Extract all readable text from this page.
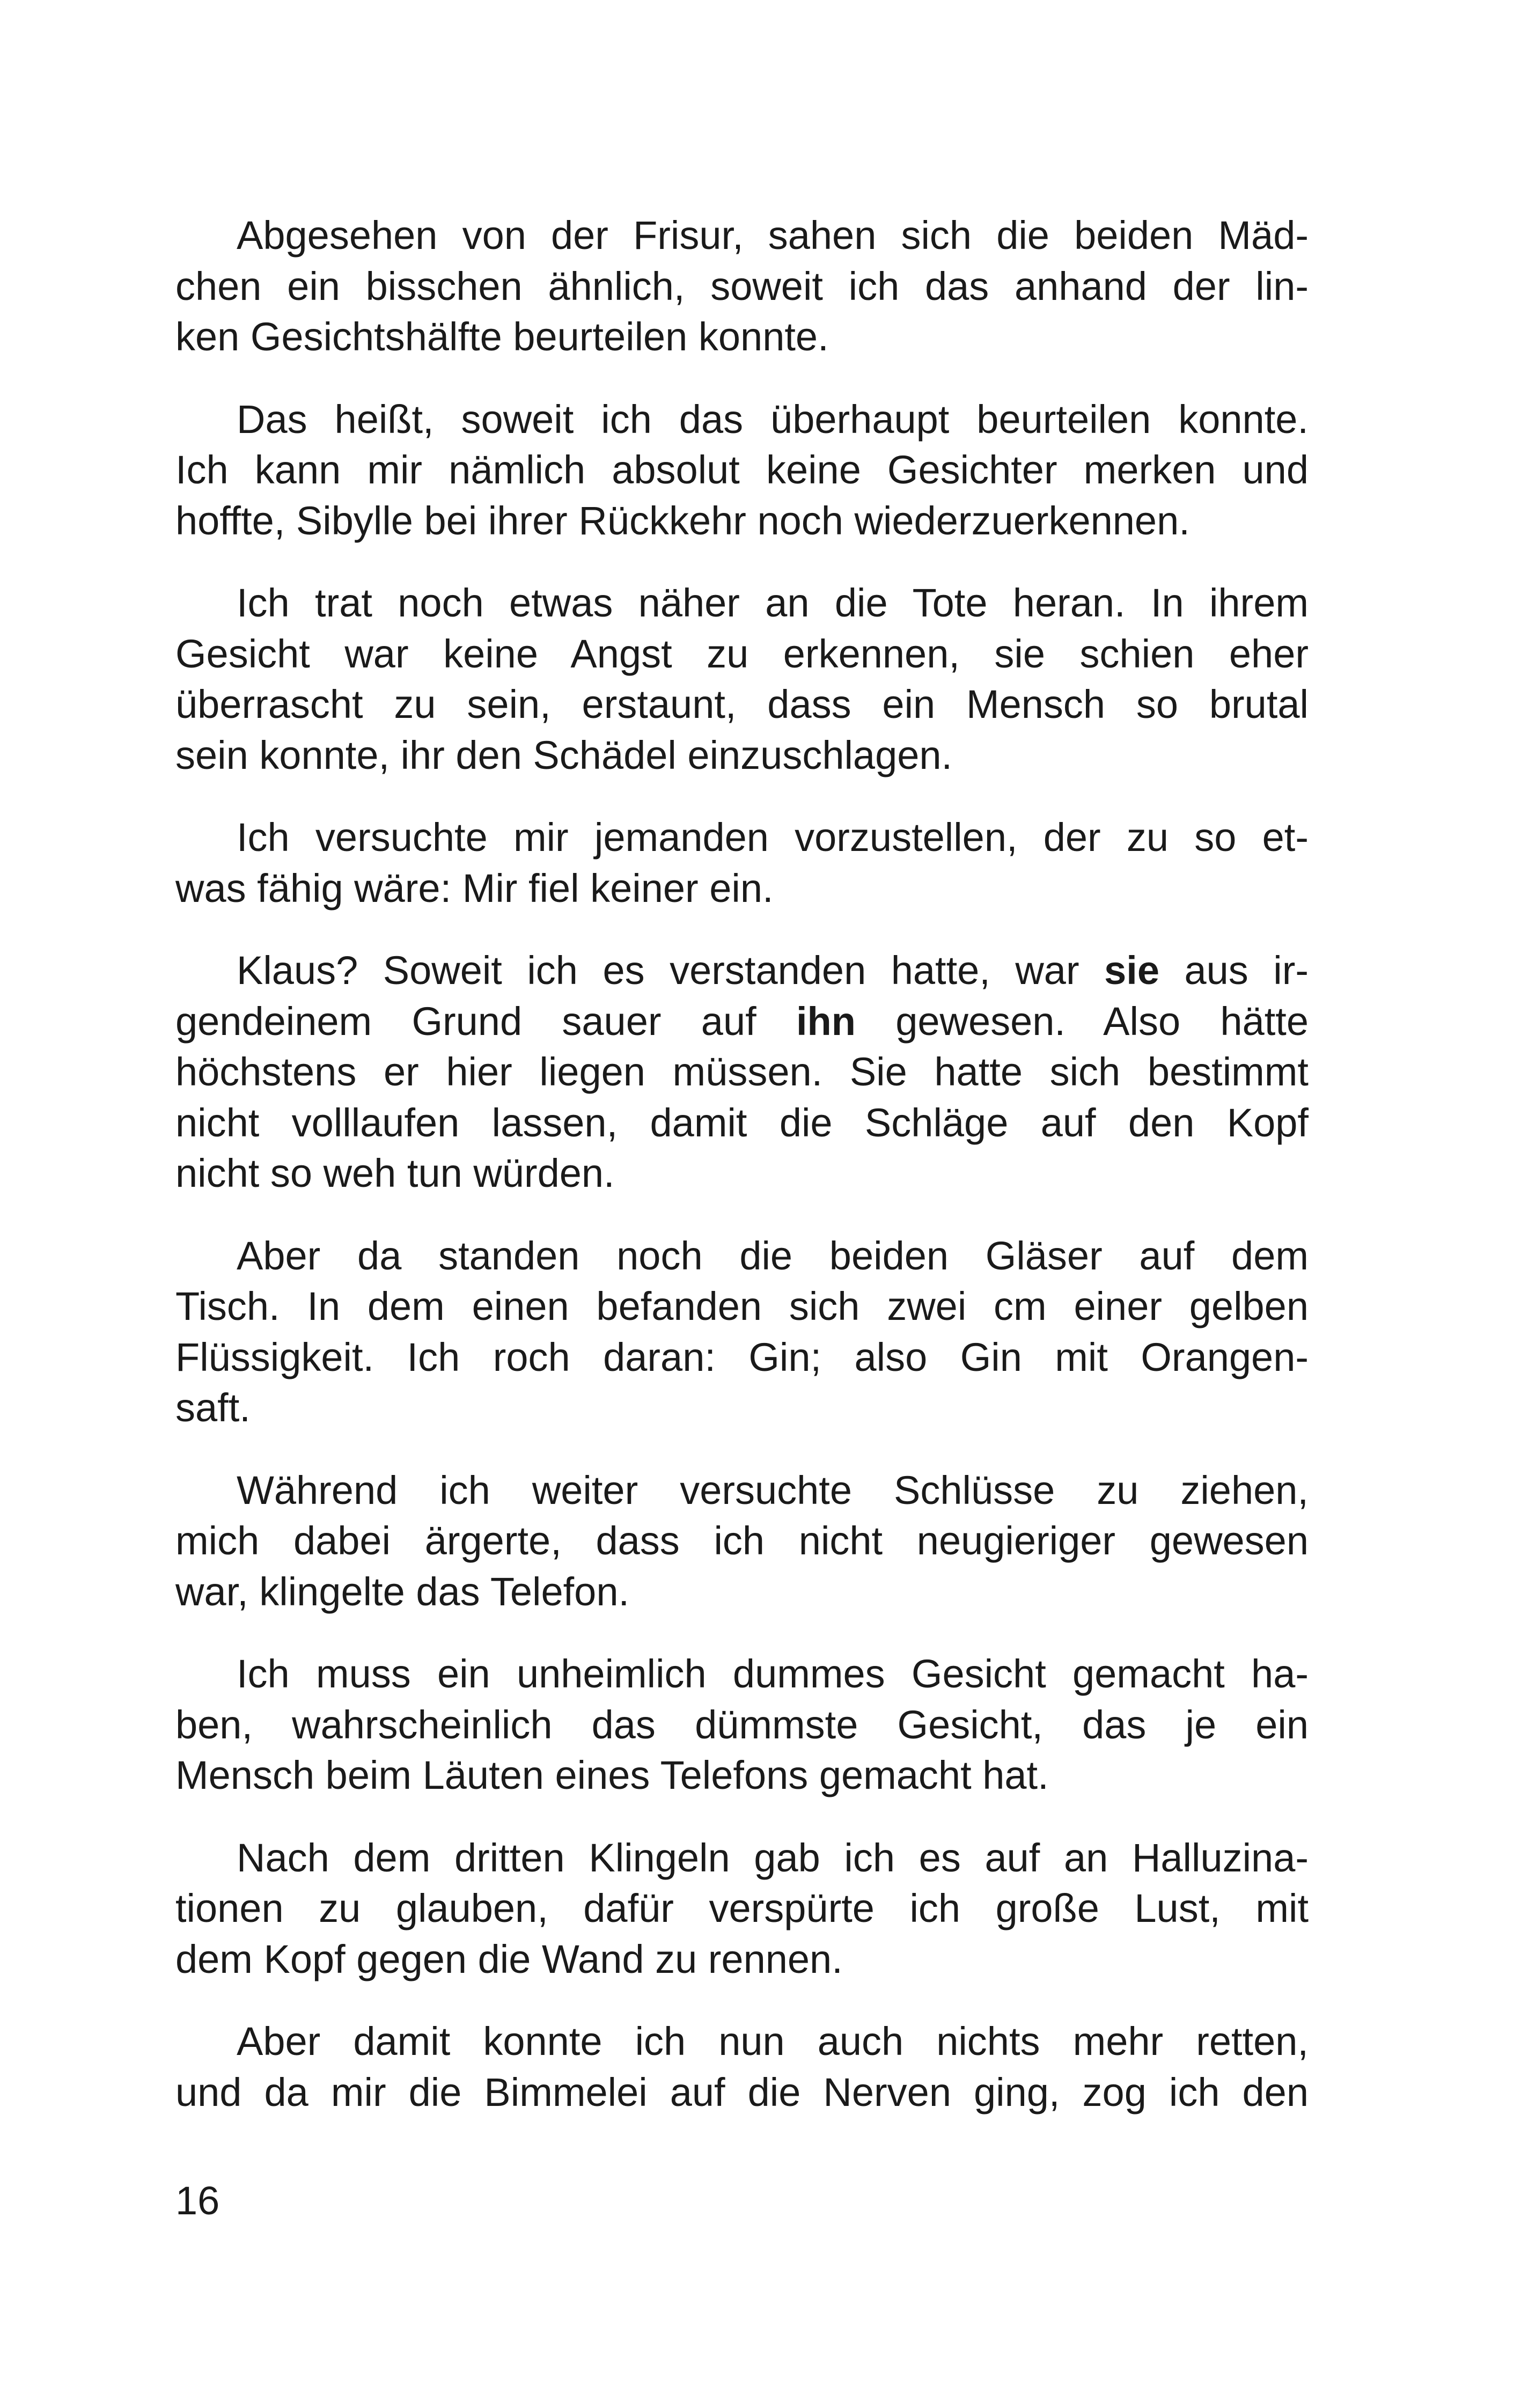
Abgesehen von der Frisur, sahen sich die beiden Mäd-
chen ein bisschen ähnlich, soweit ich das anhand der lin-
ken Gesichtshälfte beurteilen konnte.
Das heißt, soweit ich das überhaupt beurteilen konnte.
Ich kann mir nämlich absolut keine Gesichter merken und
hoffte, Sibylle bei ihrer Rückkehr noch wiederzuerkennen.
Ich trat noch etwas näher an die Tote heran. In ihrem
Gesicht war keine Angst zu erkennen, sie schien eher
überrascht zu sein, erstaunt, dass ein Mensch so brutal
sein konnte, ihr den Schädel einzuschlagen.
Ich versuchte mir jemanden vorzustellen, der zu so et-
was fähig wäre: Mir fiel keiner ein.
Klaus? Soweit ich es verstanden hatte, war sie aus ir-
gendeinem Grund sauer auf ihn gewesen. Also hätte
höchstens er hier liegen müssen. Sie hatte sich bestimmt
nicht volllaufen lassen, damit die Schläge auf den Kopf
nicht so weh tun würden.
Aber da standen noch die beiden Gläser auf dem
Tisch. In dem einen befanden sich zwei cm einer gelben
Flüssigkeit. Ich roch daran: Gin; also Gin mit Orangen-
saft.
Während ich weiter versuchte Schlüsse zu ziehen,
mich dabei ärgerte, dass ich nicht neugieriger gewesen
war, klingelte das Telefon.
Ich muss ein unheimlich dummes Gesicht gemacht ha-
ben, wahrscheinlich das dümmste Gesicht, das je ein
Mensch beim Läuten eines Telefons gemacht hat.
Nach dem dritten Klingeln gab ich es auf an Halluzina-
tionen zu glauben, dafür verspürte ich große Lust, mit
dem Kopf gegen die Wand zu rennen.
Aber damit konnte ich nun auch nichts mehr retten,
und da mir die Bimmelei auf die Nerven ging, zog ich den
16
